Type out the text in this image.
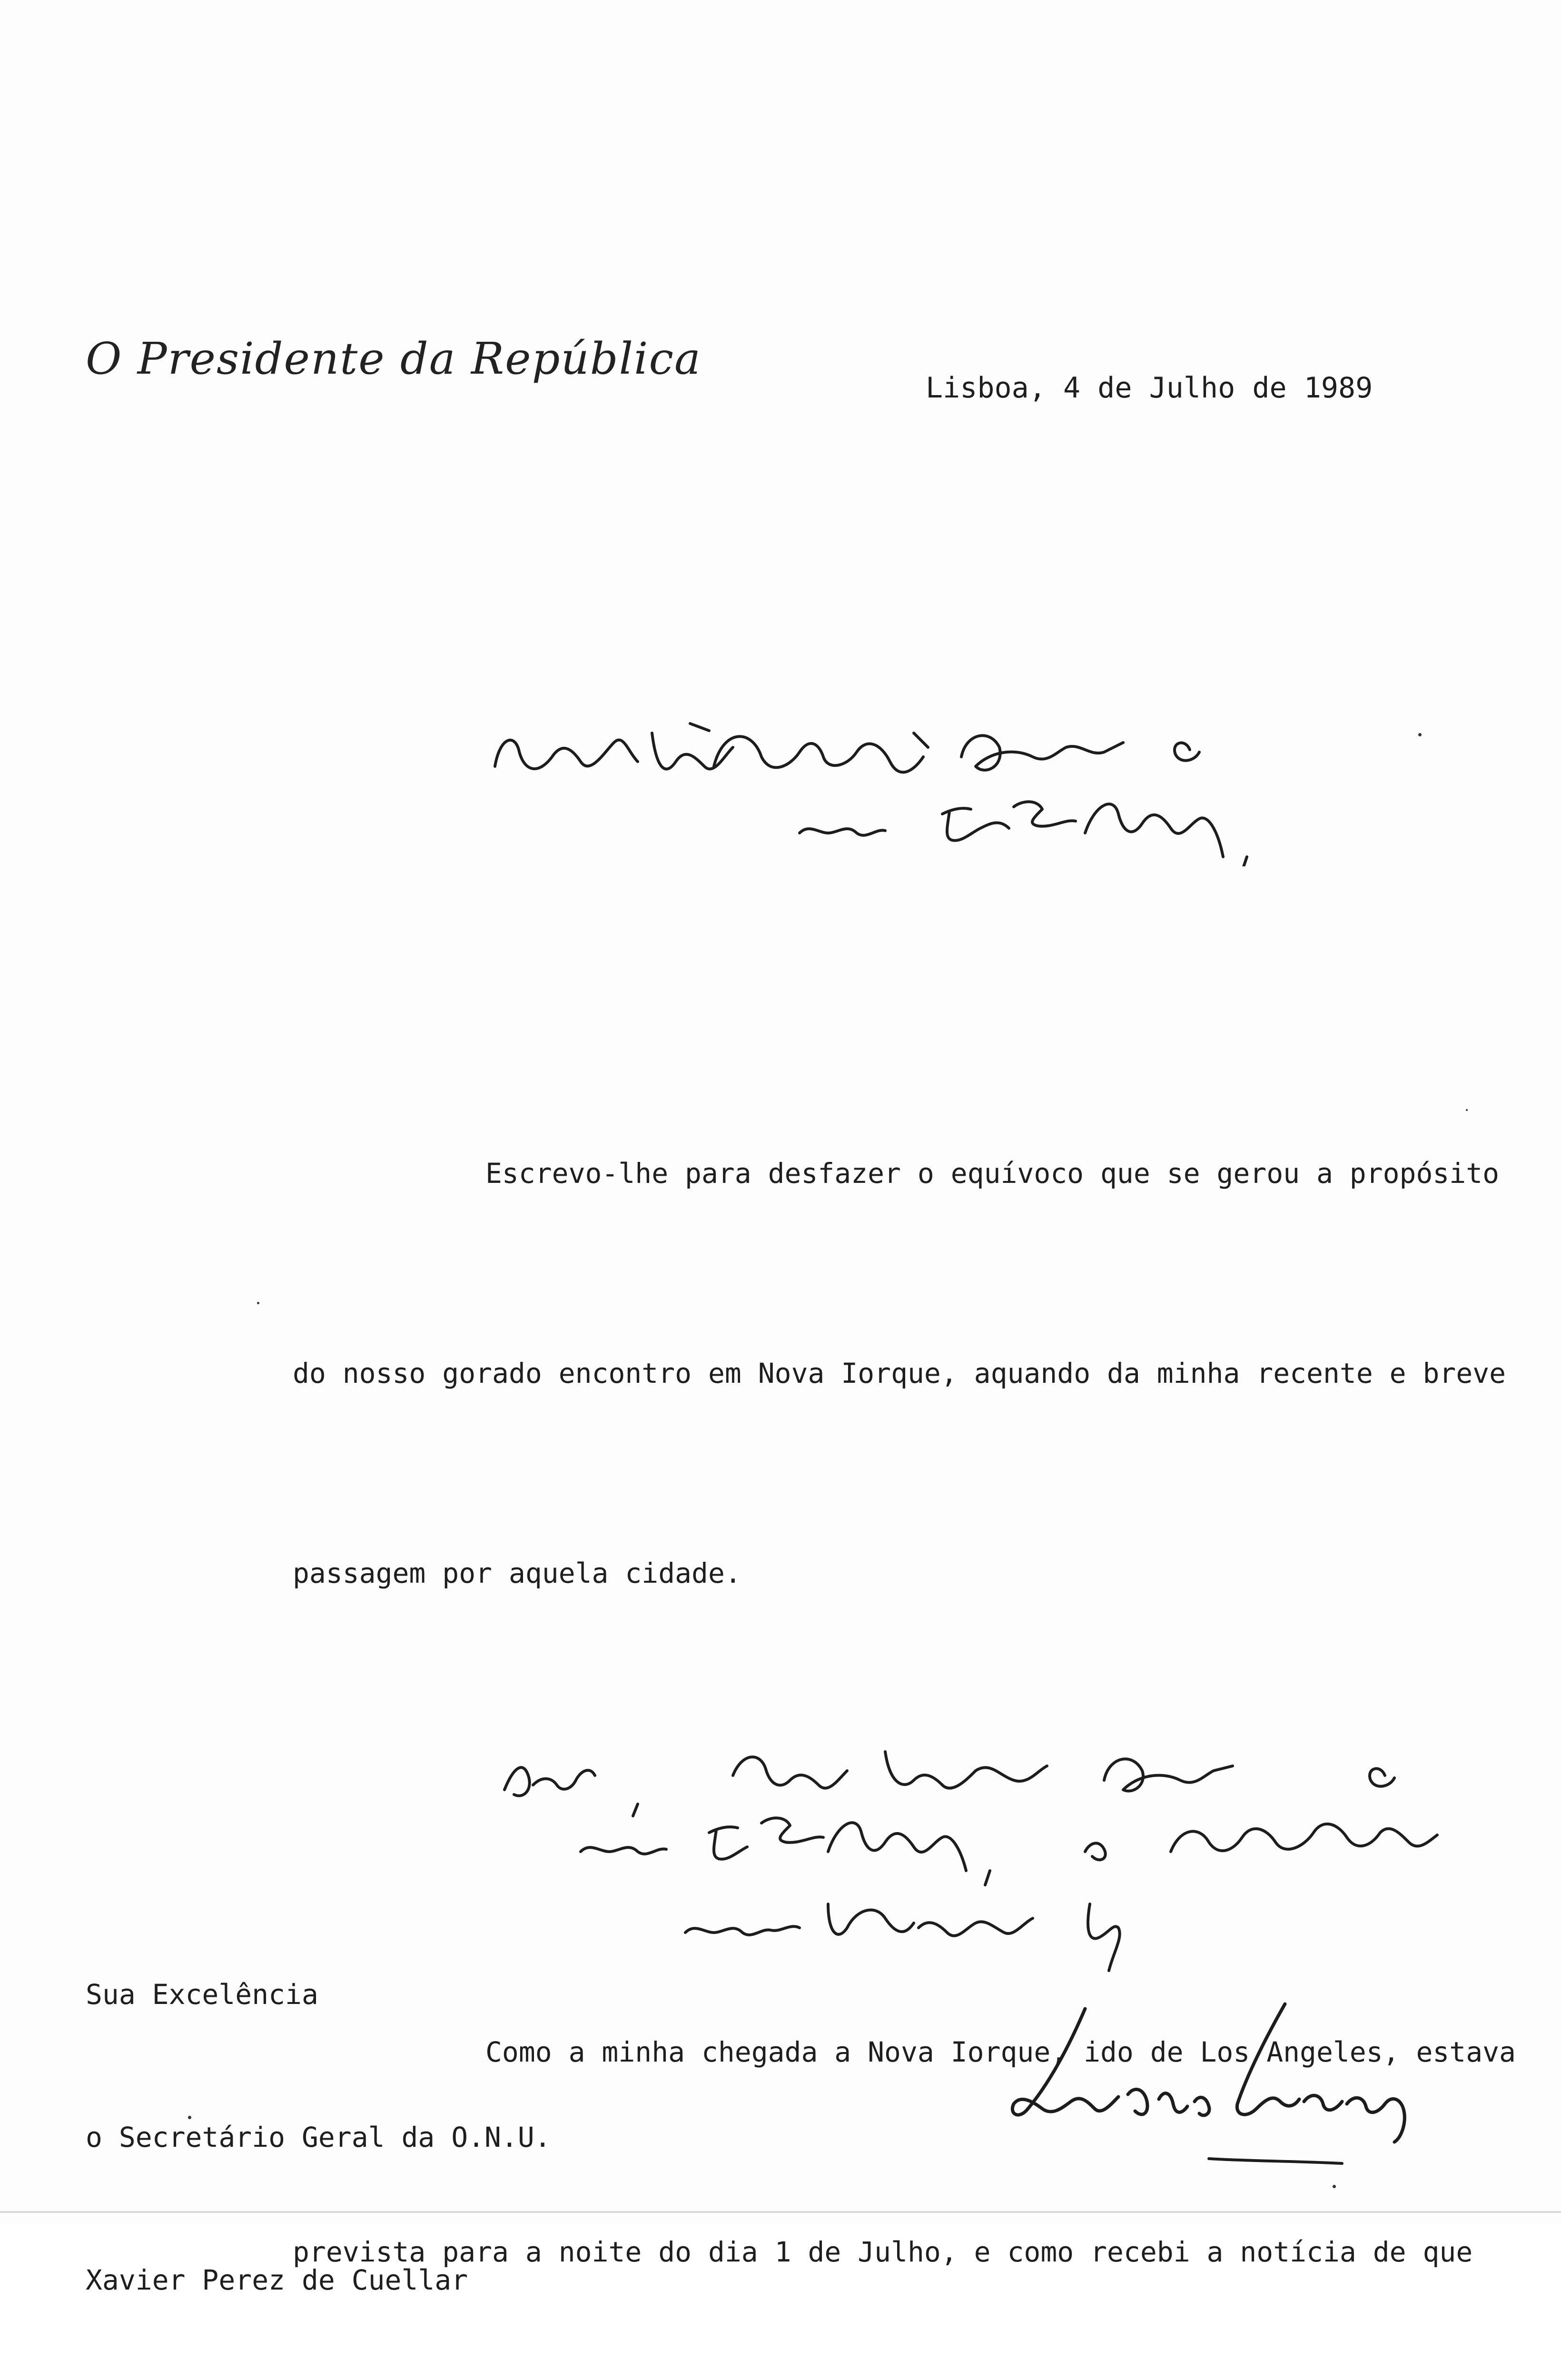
O Presidente da República
Lisboa, 4 de Julho de 1989

Escrevo-lhe para desfazer o equívoco que se gerou a propósito

do nosso gorado encontro em Nova Iorque, aquando da minha recente e breve

passagem por aquela cidade.

Como a minha chegada a Nova Iorque, ido de Los Angeles, estava

prevista para a noite do dia 1 de Julho, e como recebi a notícia de que

Sua Excelência

o Secretário Geral da O.N.U.

Xavier Perez de Cuellar
